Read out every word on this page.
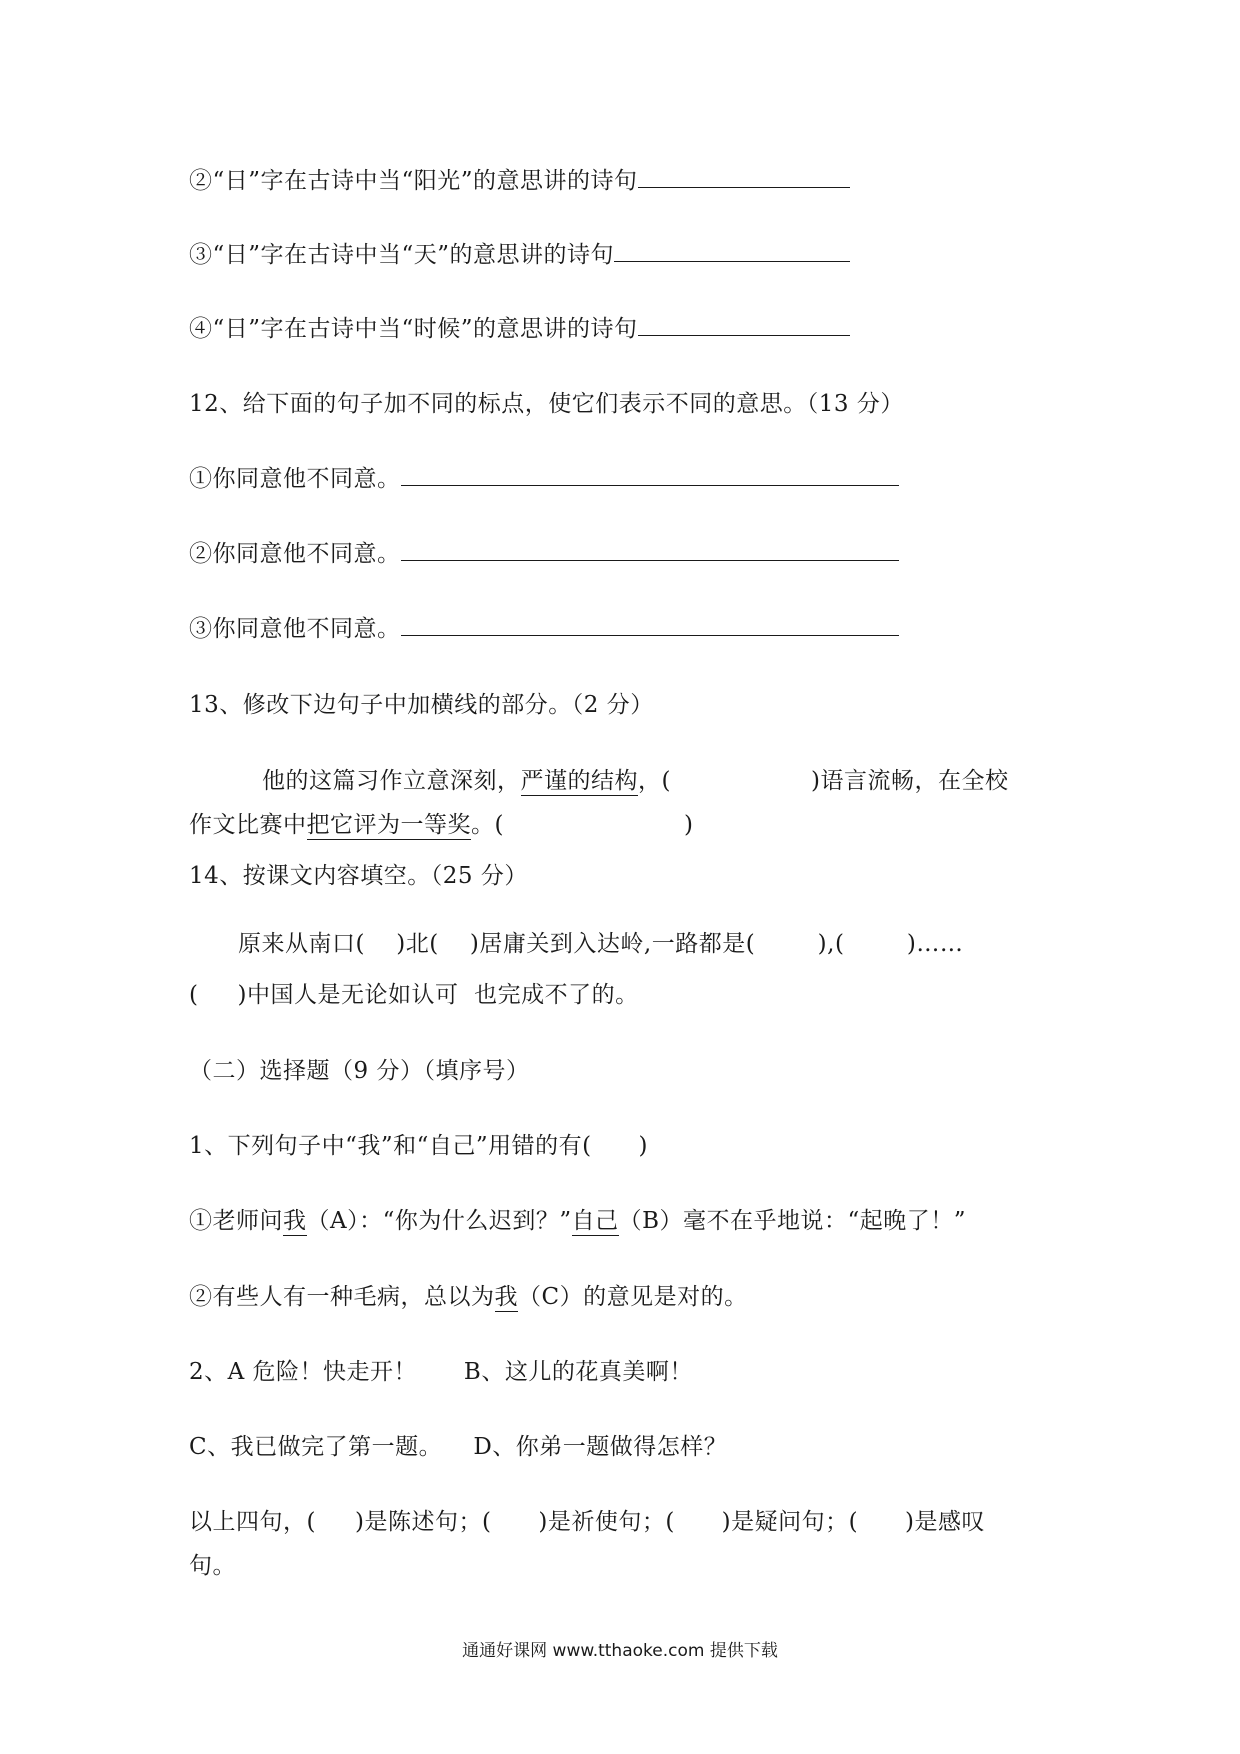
②“日”字在古诗中当“阳光”的意思讲的诗句
③“日”字在古诗中当“天”的意思讲的诗句
④“日”字在古诗中当“时候”的意思讲的诗句
12、给下面的句子加不同的标点，使它们表示不同的意思。（13 分）
①你同意他不同意。
②你同意他不同意。
③你同意他不同意。
13、修改下边句子中加横线的部分。（2 分）
他的这篇习作立意深刻，严谨的结构，(	)语言流畅，在全校
作文比赛中把它评为一等奖。(	)
14、按课文内容填空。（25 分）
原来从南口(    )北(    )居庸关到入达岭,一路都是(        ),(        )……
(     )中国人是无论如认可  也完成不了的。
（二）选择题（9 分）（填序号）
1、下列句子中“我”和“自己”用错的有(      )
①老师问我（A）：“你为什么迟到？”自己（B）毫不在乎地说：“起晚了！”
②有些人有一种毛病，总以为我（C）的意见是对的。
2、A 危险！快走开！      B、这儿的花真美啊！
C、我已做完了第一题。    D、你弟一题做得怎样？
以上四句，(     )是陈述句；(      )是祈使句；(      )是疑问句；(      )是感叹
句。
通通好课网 www.tthaoke.com 提供下载
